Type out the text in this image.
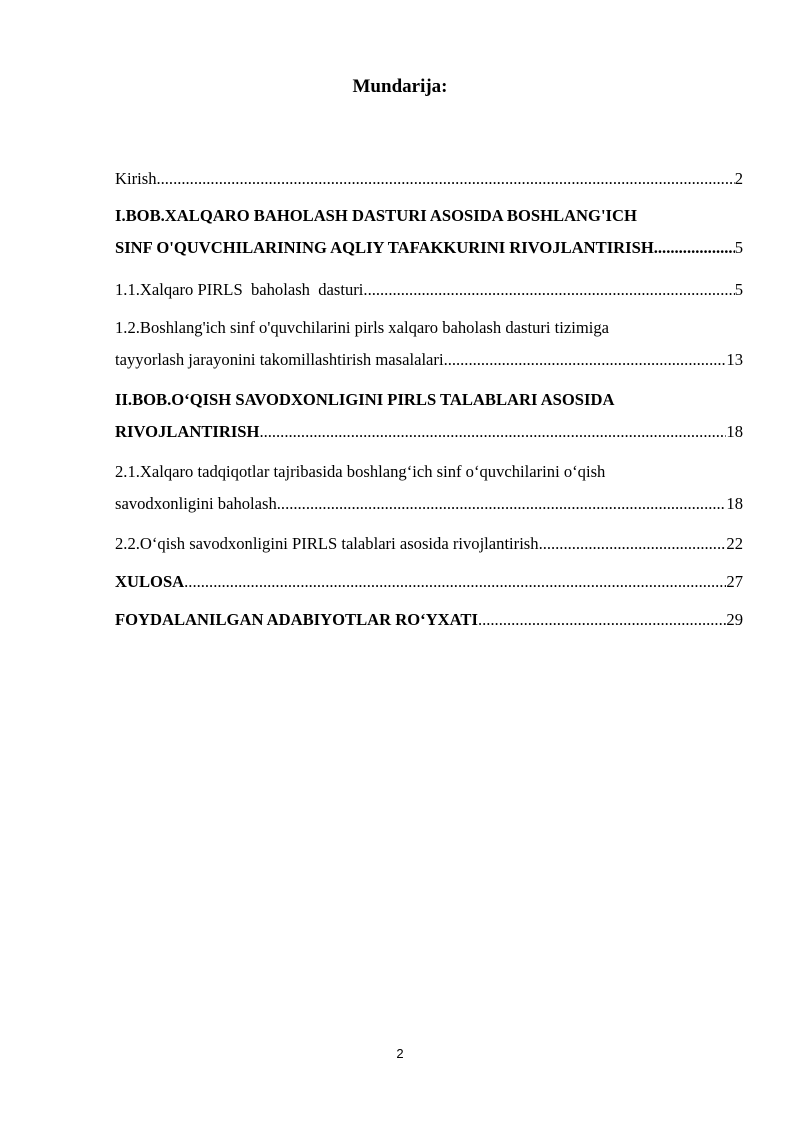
Mundarija:
Kirish .....	2
I.BOB.XALQARO BAHOLASH DASTURI ASOSIDA BOSHLANG'ICH
SINF O'QUVCHILARINING AQLIY TAFAKKURINI RIVOJLANTIRISH .....	5
1.1.Xalqaro PIRLS  baholash  dasturi .....	5
1.2.Boshlang'ich sinf o'quvchilarini pirls xalqaro baholash dasturi tizimiga
tayyorlash jarayonini takomillashtirish masalalari .....	13
II.BOB.O‘QISH SAVODXONLIGINI PIRLS TALABLARI ASOSIDA
RIVOJLANTIRISH .....	18
2.1.Xalqaro tadqiqotlar tajribasida boshlang‘ich sinf o‘quvchilarini o‘qish
savodxonligini baholash .....	18
2.2.O‘qish savodxonligini PIRLS talablari asosida rivojlantirish .....	22
XULOSA .....	27
FOYDALANILGAN ADABIYOTLAR RO‘YXATI .....	29
2
